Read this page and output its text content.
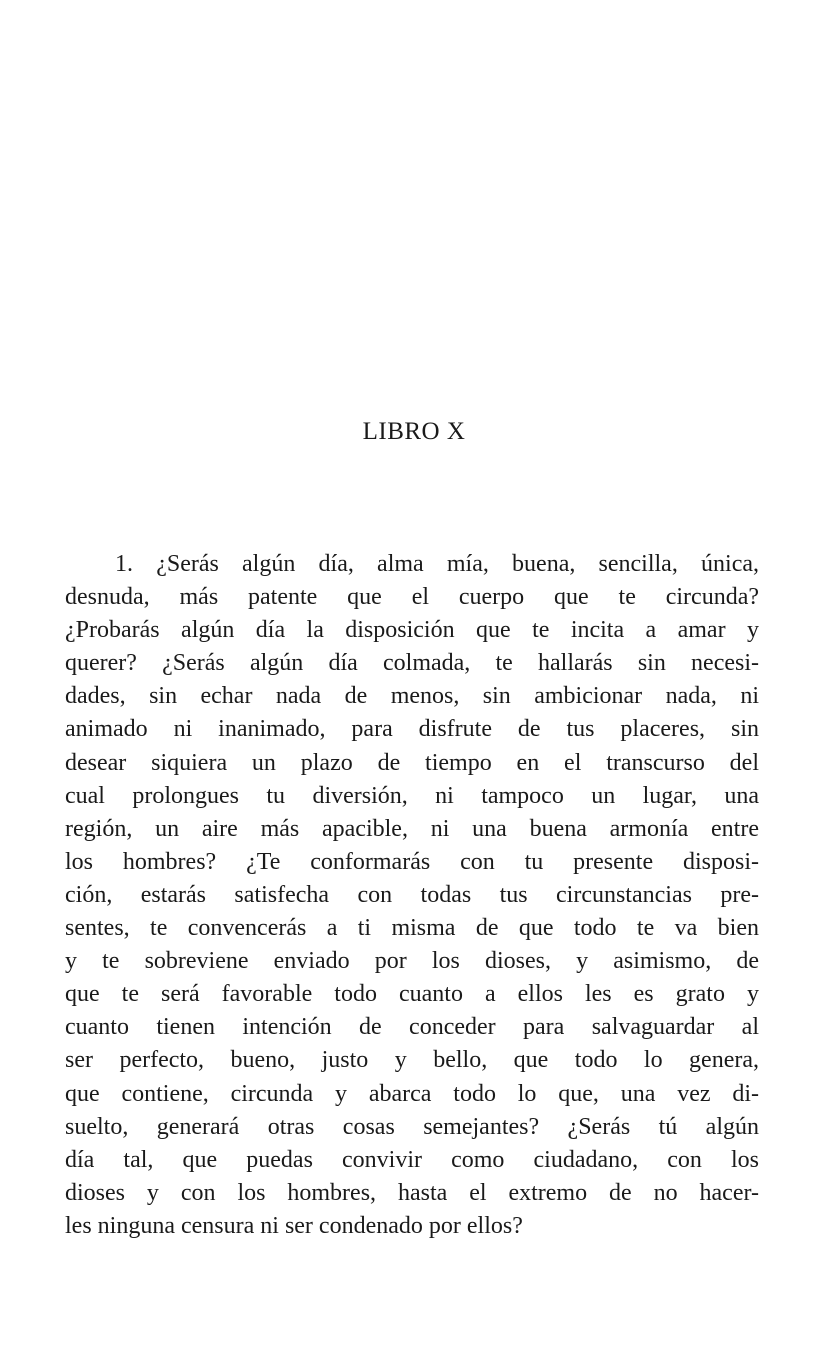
LIBRO X
1. ¿Serás algún día, alma mía, buena, sencilla, única,
desnuda, más patente que el cuerpo que te circunda?
¿Probarás algún día la disposición que te incita a amar y
querer? ¿Serás algún día colmada, te hallarás sin necesi-
dades, sin echar nada de menos, sin ambicionar nada, ni
animado ni inanimado, para disfrute de tus placeres, sin
desear siquiera un plazo de tiempo en el transcurso del
cual prolongues tu diversión, ni tampoco un lugar, una
región, un aire más apacible, ni una buena armonía entre
los hombres? ¿Te conformarás con tu presente disposi-
ción, estarás satisfecha con todas tus circunstancias pre-
sentes, te convencerás a ti misma de que todo te va bien
y te sobreviene enviado por los dioses, y asimismo, de
que te será favorable todo cuanto a ellos les es grato y
cuanto tienen intención de conceder para salvaguardar al
ser perfecto, bueno, justo y bello, que todo lo genera,
que contiene, circunda y abarca todo lo que, una vez di-
suelto, generará otras cosas semejantes? ¿Serás tú algún
día tal, que puedas convivir como ciudadano, con los
dioses y con los hombres, hasta el extremo de no hacer-
les ninguna censura ni ser condenado por ellos?
